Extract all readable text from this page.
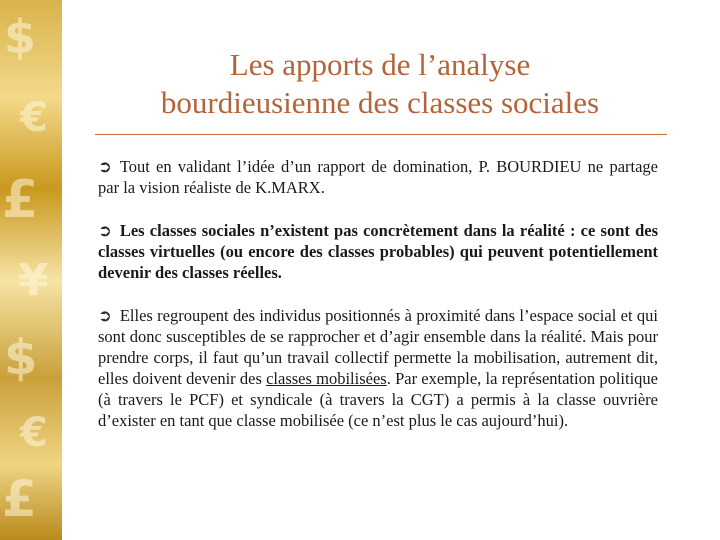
$
€
£
¥
$
€
£
Les apports de l’analyse
bourdieusienne des classes sociales

➲ Tout en validant l’idée d’un rapport de domination, P. BOURDIEU ne partage par la vision réaliste de K.MARX.

➲ Les classes sociales n’existent pas concrètement dans la réalité : ce sont des classes virtuelles (ou encore des classes probables) qui peuvent potentiellement devenir des classes réelles.

➲ Elles regroupent des individus positionnés à proximité dans l’espace social et qui sont donc susceptibles de se rapprocher et d’agir ensemble dans la réalité. Mais pour prendre corps, il faut qu’un travail collectif permette la mobilisation, autrement dit, elles doivent devenir des classes mobilisées. Par exemple, la représentation politique (à travers le PCF) et syndicale (à travers la CGT) a permis à la classe ouvrière d’exister en tant que classe mobilisée (ce n’est plus le cas aujourd’hui).
